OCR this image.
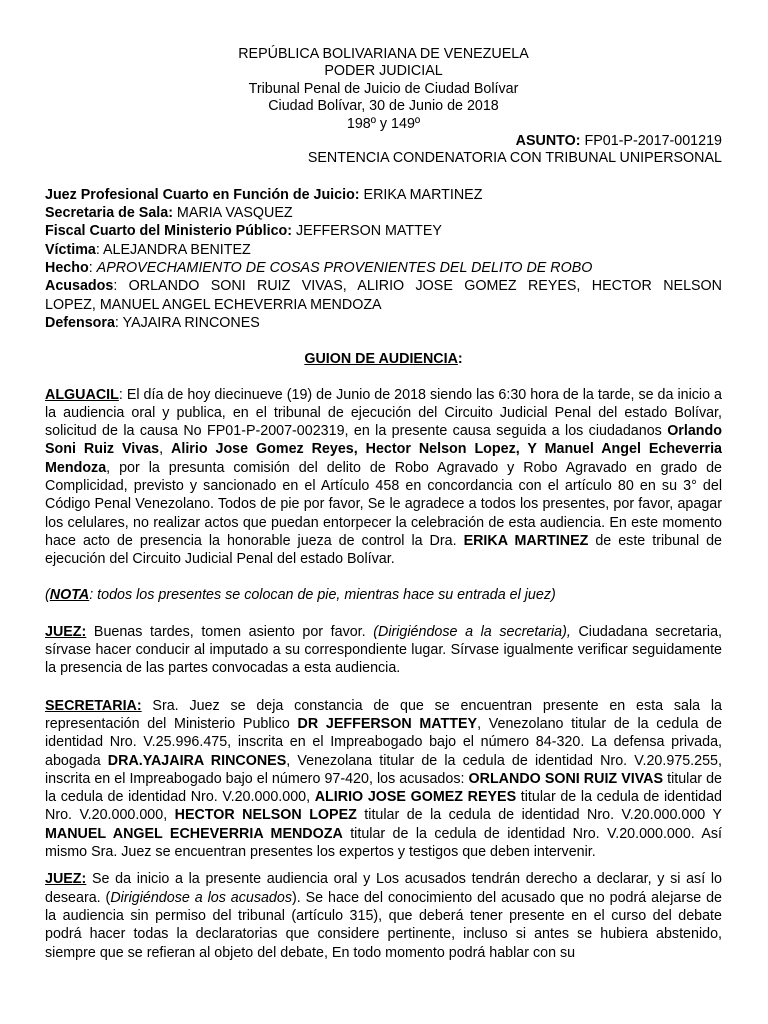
REPÚBLICA BOLIVARIANA DE VENEZUELA
PODER JUDICIAL
Tribunal Penal de Juicio de Ciudad Bolívar
Ciudad Bolívar, 30 de Junio de 2018
198º y 149º
ASUNTO: FP01-P-2017-001219
SENTENCIA CONDENATORIA CON TRIBUNAL UNIPERSONAL
Juez Profesional Cuarto en Función de Juicio: ERIKA MARTINEZ
Secretaria de Sala: MARIA VASQUEZ
Fiscal Cuarto del Ministerio Público: JEFFERSON MATTEY
Víctima: ALEJANDRA BENITEZ
Hecho: APROVECHAMIENTO DE COSAS PROVENIENTES DEL DELITO DE ROBO
Acusados: ORLANDO SONI RUIZ VIVAS, ALIRIO JOSE GOMEZ REYES, HECTOR NELSON
LOPEZ, MANUEL ANGEL ECHEVERRIA MENDOZA
Defensora: YAJAIRA RINCONES
GUION DE AUDIENCIA:
ALGUACIL: El día de hoy diecinueve (19) de Junio de 2018 siendo las 6:30 hora de la tarde, se da inicio a la audiencia oral y publica, en el tribunal de ejecución del Circuito Judicial Penal del estado Bolívar, solicitud de la causa No FP01-P-2007-002319, en la presente causa seguida a los ciudadanos Orlando Soni Ruiz Vivas, Alirio Jose Gomez Reyes, Hector Nelson Lopez, Y Manuel Angel Echeverria Mendoza, por la presunta comisión del delito de Robo Agravado y Robo Agravado en grado de Complicidad, previsto y sancionado en el Artículo 458 en concordancia con el artículo 80 en su 3° del Código Penal Venezolano. Todos de pie por favor, Se le agradece a todos los presentes, por favor, apagar los celulares, no realizar actos que puedan entorpecer la celebración de esta audiencia. En este momento hace acto de presencia la honorable jueza de control la Dra. ERIKA MARTINEZ de este tribunal de ejecución del Circuito Judicial Penal del estado Bolívar.
(NOTA: todos los presentes se colocan de pie, mientras hace su entrada el juez)
JUEZ: Buenas tardes, tomen asiento por favor. (Dirigiéndose a la secretaria), Ciudadana secretaria, sírvase hacer conducir al imputado a su correspondiente lugar. Sírvase igualmente verificar seguidamente la presencia de las partes convocadas a esta audiencia.
SECRETARIA: Sra. Juez se deja constancia de que se encuentran presente en esta sala la representación del Ministerio Publico DR JEFFERSON MATTEY, Venezolano titular de la cedula de identidad Nro. V.25.996.475, inscrita en el Impreabogado bajo el número 84-320. La defensa privada, abogada DRA.YAJAIRA RINCONES, Venezolana titular de la cedula de identidad Nro. V.20.975.255, inscrita en el Impreabogado bajo el número 97-420, los acusados: ORLANDO SONI RUIZ VIVAS titular de la cedula de identidad Nro. V.20.000.000, ALIRIO JOSE GOMEZ REYES titular de la cedula de identidad Nro. V.20.000.000, HECTOR NELSON LOPEZ titular de la cedula de identidad Nro. V.20.000.000 Y MANUEL ANGEL ECHEVERRIA MENDOZA titular de la cedula de identidad Nro. V.20.000.000. Así mismo Sra. Juez se encuentran presentes los expertos y testigos que deben intervenir.
JUEZ: Se da inicio a la presente audiencia oral y Los acusados tendrán derecho a declarar, y si así lo deseara. (Dirigiéndose a los acusados). Se hace del conocimiento del acusado que no podrá alejarse de la audiencia sin permiso del tribunal (artículo 315), que deberá tener presente en el curso del debate podrá hacer todas la declaratorias que considere pertinente, incluso si antes se hubiera abstenido, siempre que se refieran al objeto del debate, En todo momento podrá hablar con su
